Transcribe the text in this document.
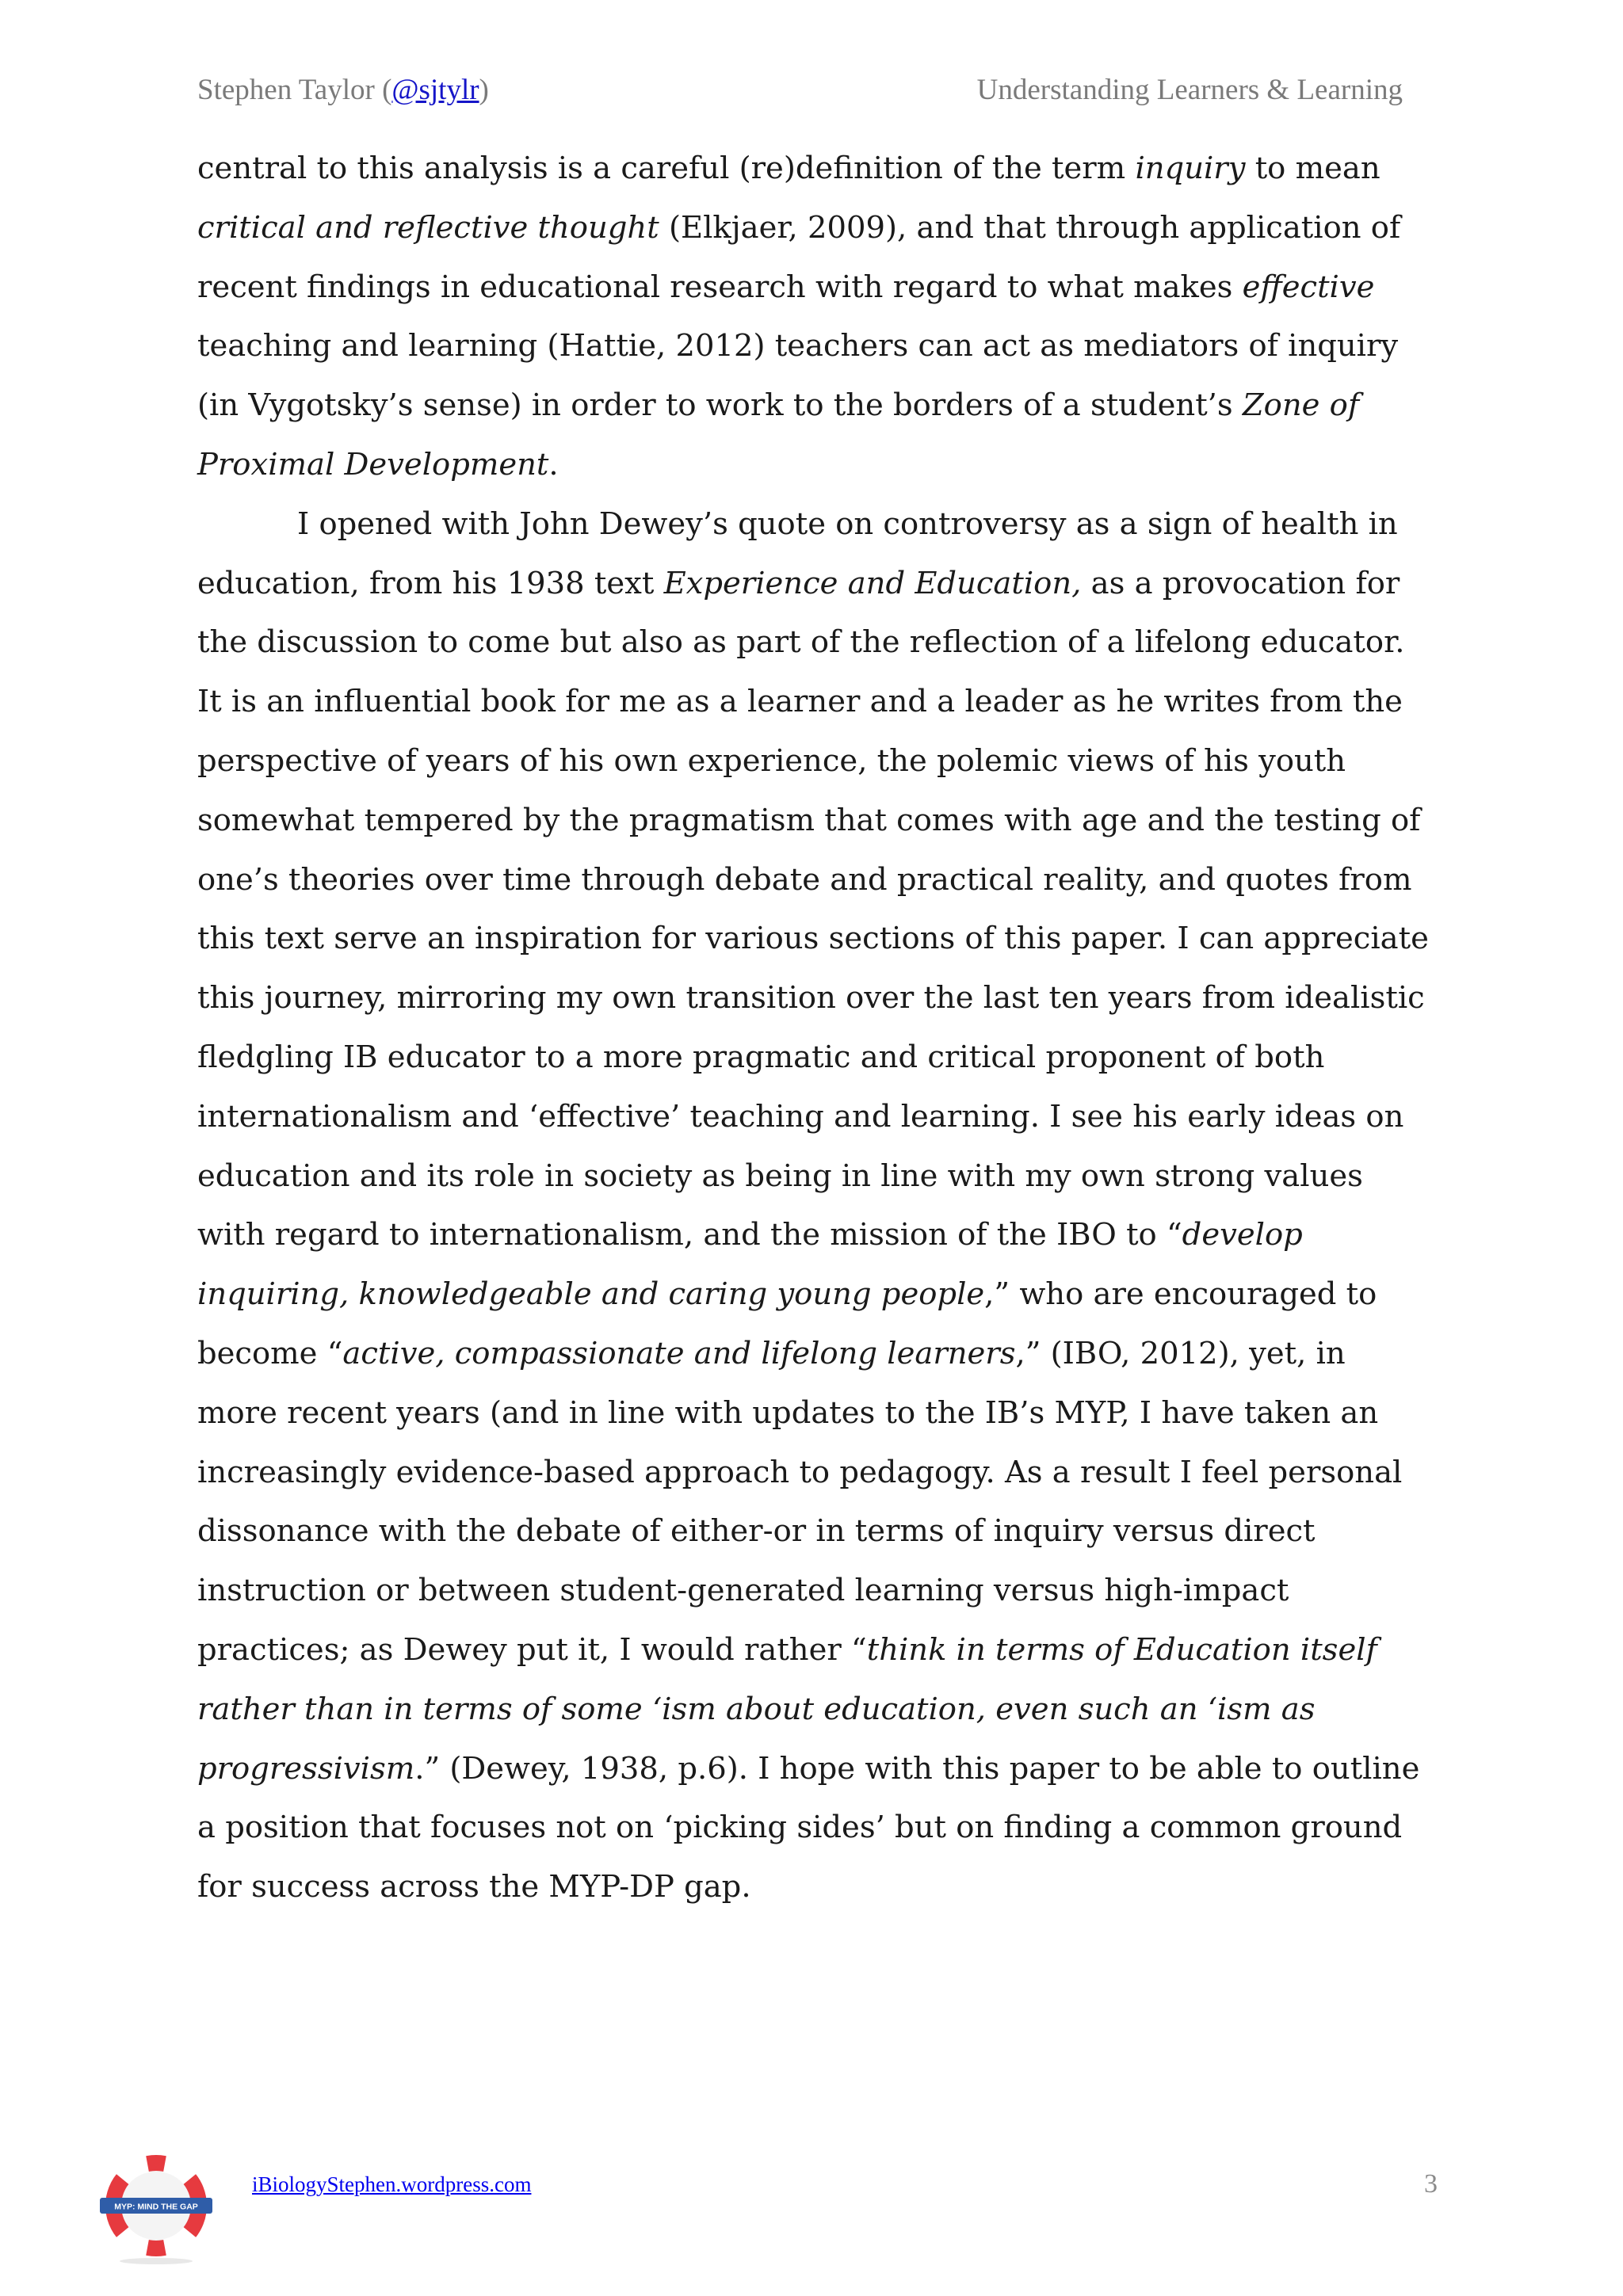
Stephen Taylor (@sjtylr)	Understanding Learners & Learning

central to this analysis is a careful (re)definition of the term inquiry to mean critical and reflective thought (Elkjaer, 2009), and that through application of recent findings in educational research with regard to what makes effective teaching and learning (Hattie, 2012) teachers can act as mediators of inquiry (in Vygotsky’s sense) in order to work to the borders of a student’s Zone of Proximal Development.

I opened with John Dewey’s quote on controversy as a sign of health in education, from his 1938 text Experience and Education, as a provocation for the discussion to come but also as part of the reflection of a lifelong educator. It is an influential book for me as a learner and a leader as he writes from the perspective of years of his own experience, the polemic views of his youth somewhat tempered by the pragmatism that comes with age and the testing of one’s theories over time through debate and practical reality, and quotes from this text serve an inspiration for various sections of this paper. I can appreciate this journey, mirroring my own transition over the last ten years from idealistic fledgling IB educator to a more pragmatic and critical proponent of both internationalism and ‘effective’ teaching and learning. I see his early ideas on education and its role in society as being in line with my own strong values with regard to internationalism, and the mission of the IBO to “develop inquiring, knowledgeable and caring young people,” who are encouraged to become “active, compassionate and lifelong learners,” (IBO, 2012), yet, in more recent years (and in line with updates to the IB’s MYP, I have taken an increasingly evidence-based approach to pedagogy. As a result I feel personal dissonance with the debate of either-or in terms of inquiry versus direct instruction or between student-generated learning versus high-impact practices; as Dewey put it, I would rather “think in terms of Education itself rather than in terms of some ‘ism about education, even such an ‘ism as progressivism.” (Dewey, 1938, p.6). I hope with this paper to be able to outline a position that focuses not on ‘picking sides’ but on finding a common ground for success across the MYP-DP gap.

MYP: MIND THE GAP
iBiologyStephen.wordpress.com	3
